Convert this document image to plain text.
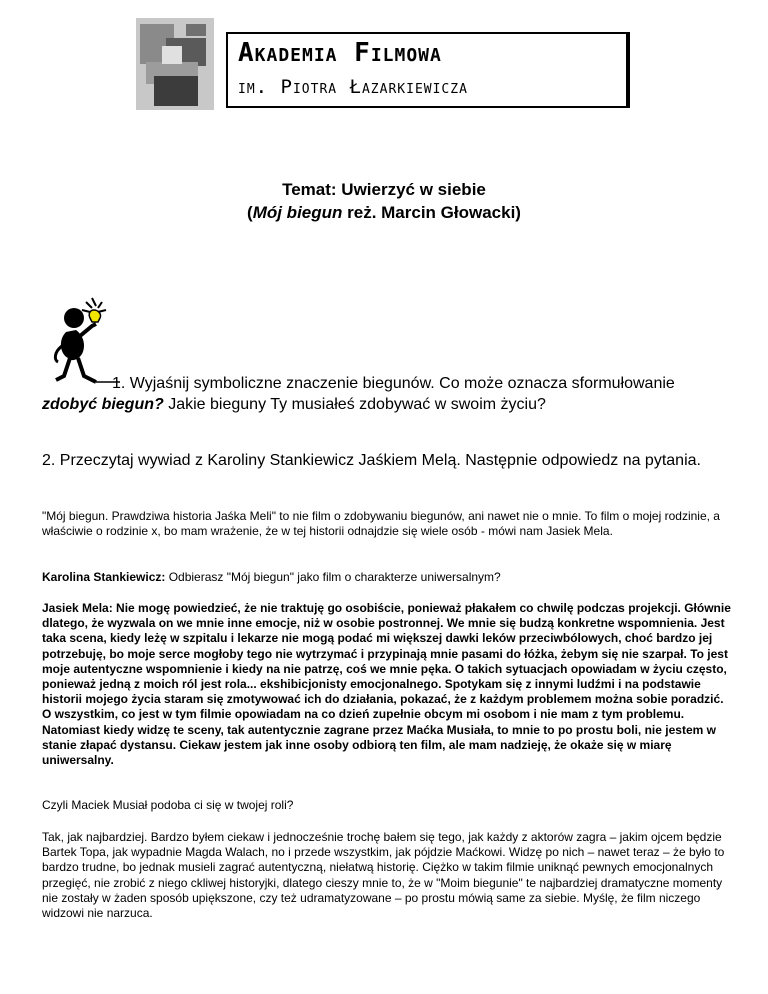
Akademia Filmowa
im. Piotra Łazarkiewicza
Temat: Uwierzyć w siebie
(Mój biegun reż. Marcin Głowacki)
1. Wyjaśnij symboliczne znaczenie biegunów. Co może oznacza sformułowanie zdobyć biegun? Jakie bieguny Ty musiałeś zdobywać w swoim życiu?
2. Przeczytaj wywiad z Karoliny Stankiewicz Jaśkiem Melą. Następnie odpowiedz na pytania.
"Mój biegun. Prawdziwa historia Jaśka Meli" to nie film o zdobywaniu biegunów, ani nawet nie o mnie. To film o mojej rodzinie, a właściwie o rodzinie x, bo mam wrażenie, że w tej historii odnajdzie się wiele osób - mówi nam Jasiek Mela.
Karolina Stankiewicz: Odbierasz "Mój biegun" jako film o charakterze uniwersalnym?
Jasiek Mela: Nie mogę powiedzieć, że nie traktuję go osobiście, ponieważ płakałem co chwilę podczas projekcji. Głównie dlatego, że wyzwala on we mnie inne emocje, niż w osobie postronnej. We mnie się budzą konkretne wspomnienia. Jest taka scena, kiedy leżę w szpitalu i lekarze nie mogą podać mi większej dawki leków przeciwbólowych, choć bardzo jej potrzebuję, bo moje serce mogłoby tego nie wytrzymać i przypinają mnie pasami do łóżka, żebym się nie szarpał. To jest moje autentyczne wspomnienie i kiedy na nie patrzę, coś we mnie pęka. O takich sytuacjach opowiadam w życiu często, ponieważ jedną z moich ról jest rola... ekshibicjonisty emocjonalnego. Spotykam się z innymi ludźmi i na podstawie historii mojego życia staram się zmotywować ich do działania, pokazać, że z każdym problemem można sobie poradzić. O wszystkim, co jest w tym filmie opowiadam na co dzień zupełnie obcym mi osobom i nie mam z tym problemu. Natomiast kiedy widzę te sceny, tak autentycznie zagrane przez Maćka Musiała, to mnie to po prostu boli, nie jestem w stanie złapać dystansu. Ciekaw jestem jak inne osoby odbiorą ten film, ale mam nadzieję, że okaże się w miarę uniwersalny.
Czyli Maciek Musiał podoba ci się w twojej roli?
Tak, jak najbardziej. Bardzo byłem ciekaw i jednocześnie trochę bałem się tego, jak każdy z aktorów zagra – jakim ojcem będzie Bartek Topa, jak wypadnie Magda Walach, no i przede wszystkim, jak pójdzie Maćkowi. Widzę po nich – nawet teraz – że było to bardzo trudne, bo jednak musieli zagrać autentyczną, niełatwą historię. Ciężko w takim filmie uniknąć pewnych emocjonalnych przegięć, nie zrobić z niego ckliwej historyjki, dlatego cieszy mnie to, że w "Moim biegunie" te najbardziej dramatyczne momenty nie zostały w żaden sposób upiększone, czy też udramatyzowane – po prostu mówią same za siebie. Myślę, że film niczego widzowi nie narzuca.
